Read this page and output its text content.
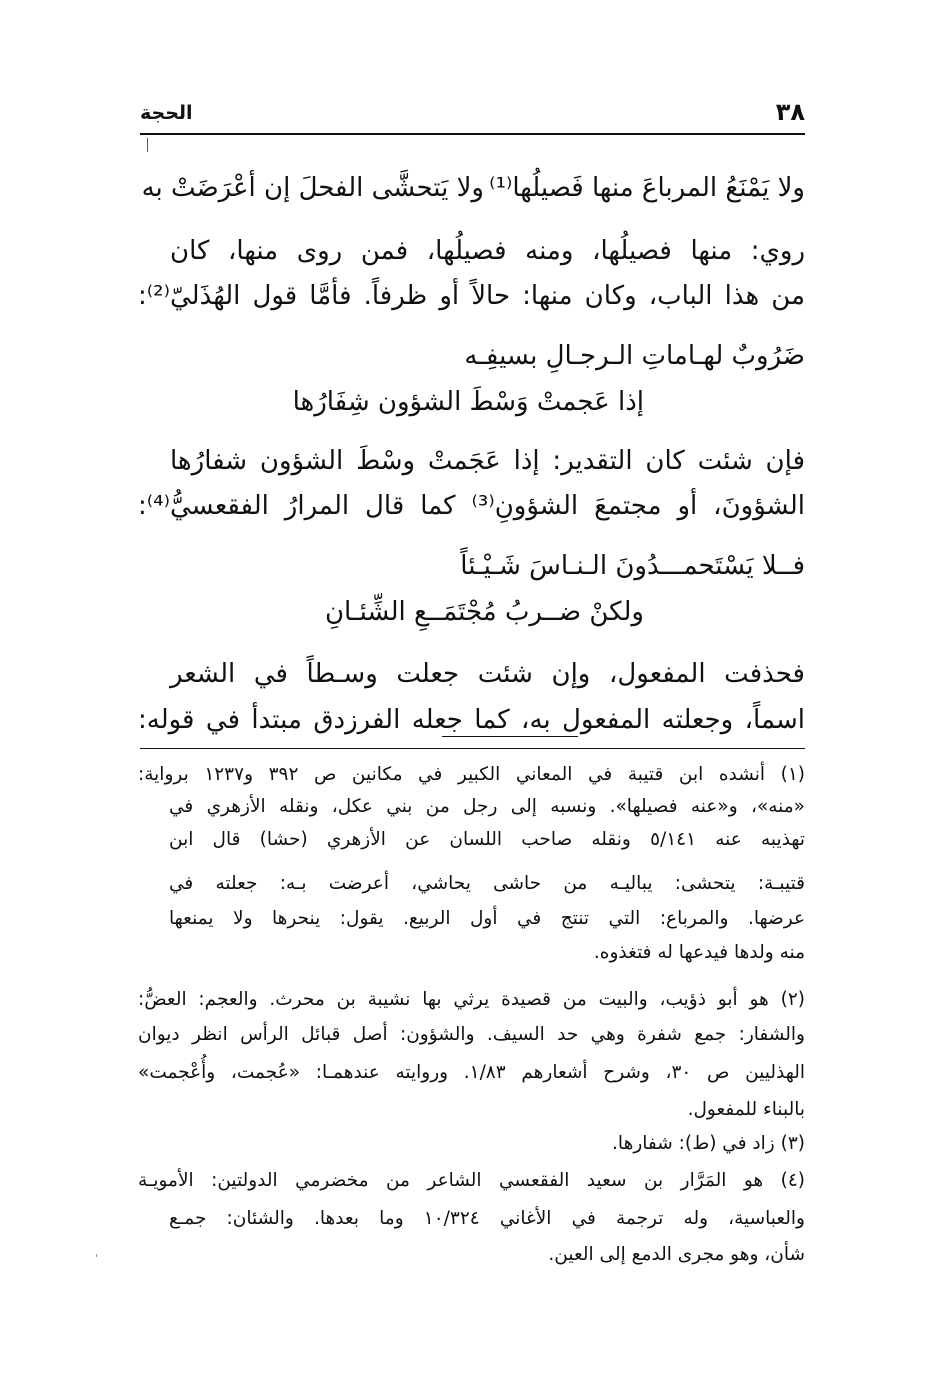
٣٨
الحجة
ولا يَتحشَّى الفحلَ إن أعْرَضَتْ به ولا يَمْنَعُ المرباعَ منها فَصيلُها⁽¹⁾
روي: منها فصيلُها، ومنه فصيلُها، فمن روى منها، كان
من هذا الباب، وكان منها: حالاً أو ظرفاً. فأمَّا قول الهُذَليّ⁽²⁾:
ضَرُوبٌ لهـاماتِ الـرجـالِ بسيفِـه
إذا عَجمتْ وَسْطَ الشؤون شِفَارُها
فإن شئت كان التقدير: إذا عَجَمتْ وسْطَ الشؤون شفارُها
الشؤونَ، أو مجتمعَ الشؤونِ⁽³⁾ كما قال المرارُ الفقعسيُّ⁽⁴⁾:
فــلا يَسْتَحمـــدُونَ الـنـاسَ شَـيْـئاً
ولكنْ ضــربُ مُجْتَمَــعِ الشِّئـانِ
فحذفت المفعول، وإن شئت جعلت وسـطاً في الشعر
اسماً، وجعلته المفعول به، كما جعله الفرزدق مبتدأ في قوله:
(١) أنشده ابن قتيبة في المعاني الكبير في مكانين ص ٣٩٢ و١٢٣٧ برواية:
«منه»، و«عنه فصيلها». ونسبه إلى رجل من بني عكل، ونقله الأزهري في
تهذيبه عنه ٥/١٤١ ونقله صاحب اللسان عن الأزهري (حشا) قال ابن
قتيبـة: يتحشى: يباليـه من حاشى يحاشي، أعرضت بـه: جعلته في
عرضها. والمرباع: التي تنتج في أول الربيع. يقول: ينحرها ولا يمنعها
منه ولدها فيدعها له فتغذوه.
(٢) هو أبو ذؤيب، والبيت من قصيدة يرثي بها نشيبة بن محرث. والعجم: العضُّ:
والشفار: جمع شفرة وهي حد السيف. والشؤون: أصل قبائل الرأس انظر ديوان
الهذليين ص ٣٠، وشرح أشعارهم ١/٨٣. وروايته عندهمـا: «عُجمت، وأُعْجمت»
بالبناء للمفعول.
(٣) زاد في (ط): شفارها.
(٤) هو المَرَّار بن سعيد الفقعسي الشاعر من مخضرمي الدولتين: الأمويـة
والعباسية، وله ترجمة في الأغاني ١٠/٣٢٤ وما بعدها. والشئان: جمـع
شأن، وهو مجرى الدمع إلى العين.
